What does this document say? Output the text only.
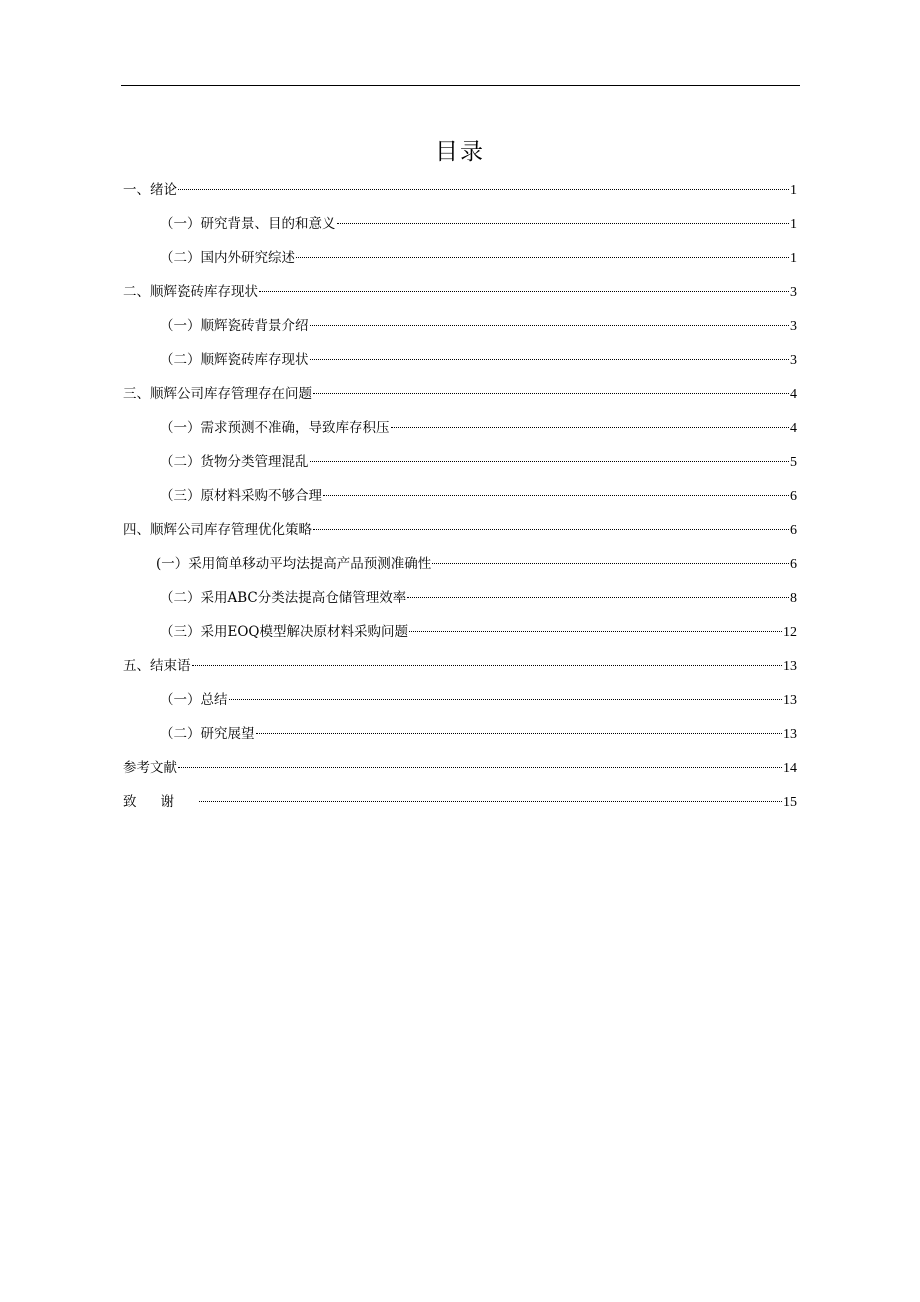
目录
一、绪论	1
（一）研究背景、目的和意义	1
（二）国内外研究综述	1
二、顺辉瓷砖库存现状	3
（一）顺辉瓷砖背景介绍	3
（二）顺辉瓷砖库存现状	3
三、顺辉公司库存管理存在问题	4
（一）需求预测不准确，导致库存积压	4
（二）货物分类管理混乱	5
（三）原材料采购不够合理	6
四、顺辉公司库存管理优化策略	6
(一）采用简单移动平均法提高产品预测准确性	6
（二）采用ABC分类法提高仓储管理效率	8
（三）采用EOQ模型解决原材料采购问题	12
五、结束语	13
（一）总结	13
（二）研究展望	13
参考文献	14
致谢	15
